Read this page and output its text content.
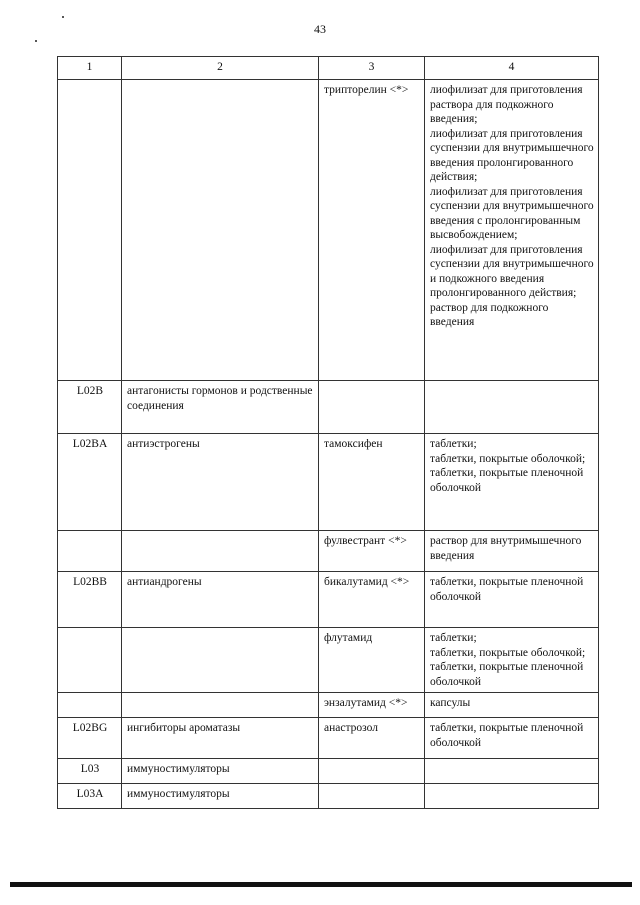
43
1	2	3	4
		трипторелин <*>	лиофилизат для приготовления раствора для подкожного введения;
лиофилизат для приготовления суспензии для внутримышечного введения пролонгированного действия;
лиофилизат для приготовления суспензии для внутримышечного введения с пролонгированным высвобождением;
лиофилизат для приготовления суспензии для внутримышечного и подкожного введения пролонгированного действия;
раствор для подкожного введения
L02B	антагонисты гормонов и родственные соединения		
L02BA	антиэстрогены	тамоксифен	таблетки;
таблетки, покрытые оболочкой;
таблетки, покрытые пленочной оболочкой
		фулвестрант <*>	раствор для внутримышечного введения
L02BB	антиандрогены	бикалутамид <*>	таблетки, покрытые пленочной оболочкой
		флутамид	таблетки;
таблетки, покрытые оболочкой;
таблетки, покрытые пленочной оболочкой
		энзалутамид <*>	капсулы
L02BG	ингибиторы ароматазы	анастрозол	таблетки, покрытые пленочной оболочкой
L03	иммуностимуляторы		
L03A	иммуностимуляторы		
